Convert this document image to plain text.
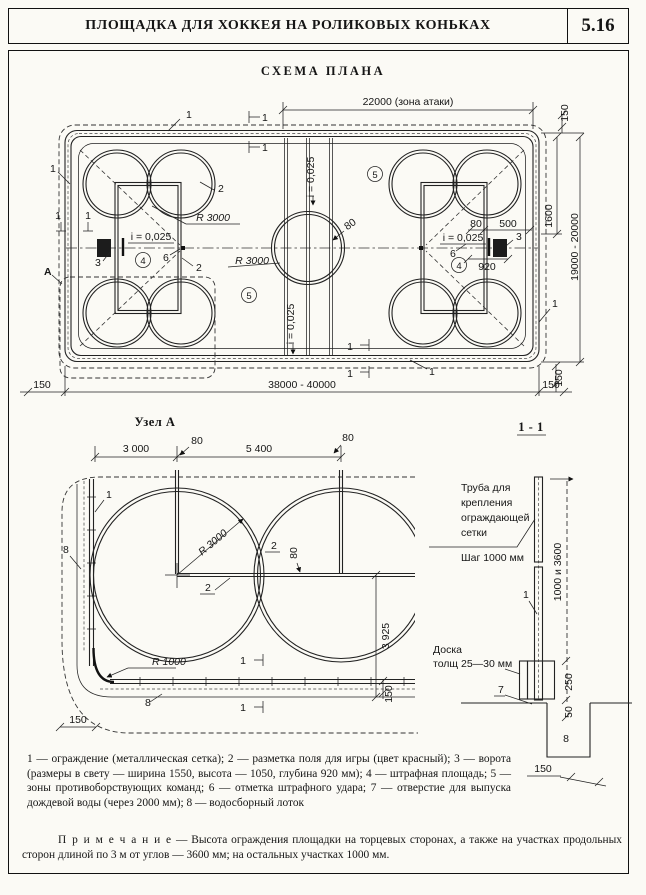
ПЛОЩАДКА ДЛЯ ХОККЕЯ НА РОЛИКОВЫХ КОНЬКАХ	5.16
СХЕМА ПЛАНА
22000 (зона атаки)
150
1600 19000 - 20000
38000 - 40000
150	150
150
80 500
920
80
R 3000
R 3000
i = 0,025	i = 0,025
i = 0,025
i = 0,025
1
1
1
1
2
2
3
3
6	6
1
1
1 1
1
1
А
4	4
5
5
Узел А
3 000	5 400
80	80
80
R 3000
R 1000
3 925
150
150
1
8
8
2
2
1
1
1 - 1
Труба для
крепления
ограждающей
сетки
Шаг 1000 мм
Доска
толщ 25—30 мм
1
7
8
1000 и 3600
250
50
150
1 — ограждение (металлическая сетка); 2 — разметка поля для игры (цвет красный); 3 — ворота (размеры в свету — ширина 1550, высота — 1050, глубина 920 мм); 4 — штрафная площадь; 5 — зоны противоборствующих команд; 6 — отметка штрафного удара; 7 — отверстие для выпуска дождевой воды (через 2000 мм); 8 — водосборный лоток
П р и м е ч а н и е — Высота ограждения площадки на торцевых сторонах, а также на участках продольных сторон длиной по 3 м от углов — 3600 мм; на остальных участках 1000 мм.
